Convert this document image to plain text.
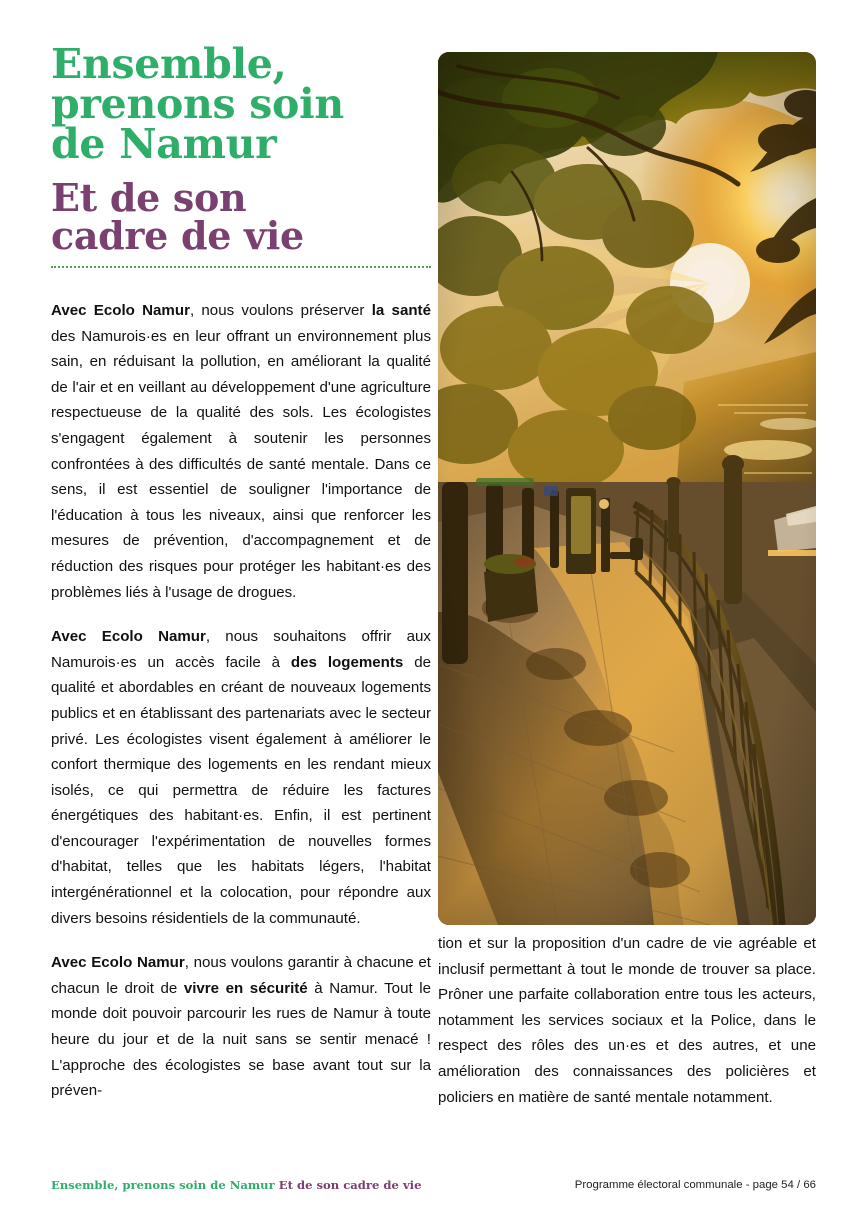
Ensemble,
prenons soin
de Namur
Et de son
cadre de vie

Avec Ecolo Namur, nous voulons préserver la santé des Namurois·es en leur offrant un environnement plus sain, en réduisant la pollution, en améliorant la qualité de l'air et en veillant au développement d'une agriculture respectueuse de la qualité des sols. Les écologistes s'engagent également à soutenir les personnes confrontées à des difficultés de santé mentale. Dans ce sens, il est essentiel de souligner l'importance de l'éducation à tous les niveaux, ainsi que renforcer les mesures de prévention, d'accompagnement et de réduction des risques pour protéger les habitant·es des problèmes liés à l'usage de drogues.

Avec Ecolo Namur, nous souhaitons offrir aux Namurois·es un accès facile à des logements de qualité et abordables en créant de nouveaux logements publics et en établissant des partenariats avec le secteur privé. Les écologistes visent également à améliorer le confort thermique des logements en les rendant mieux isolés, ce qui permettra de réduire les factures énergétiques des habitant·es. Enfin, il est pertinent d'encourager l'expérimentation de nouvelles formes d'habitat, telles que les habitats légers, l'habitat intergénérationnel et la colocation, pour répondre aux divers besoins résidentiels de la communauté.

Avec Ecolo Namur, nous voulons garantir à chacune et chacun le droit de vivre en sécurité à Namur. Tout le monde doit pouvoir parcourir les rues de Namur à toute heure du jour et de la nuit sans se sentir menacé ! L'approche des écologistes se base avant tout sur la préven-

tion et sur la proposition d'un cadre de vie agréable et inclusif permettant à tout le monde de trouver sa place. Prôner une parfaite collaboration entre tous les acteurs, notamment les services sociaux et la Police, dans le respect des rôles des un·es et des autres, et une amélioration des connaissances des policières et policiers en matière de santé mentale notamment.

Ensemble, prenons soin de Namur Et de son cadre de vie	Programme électoral communale - page 54 / 66
